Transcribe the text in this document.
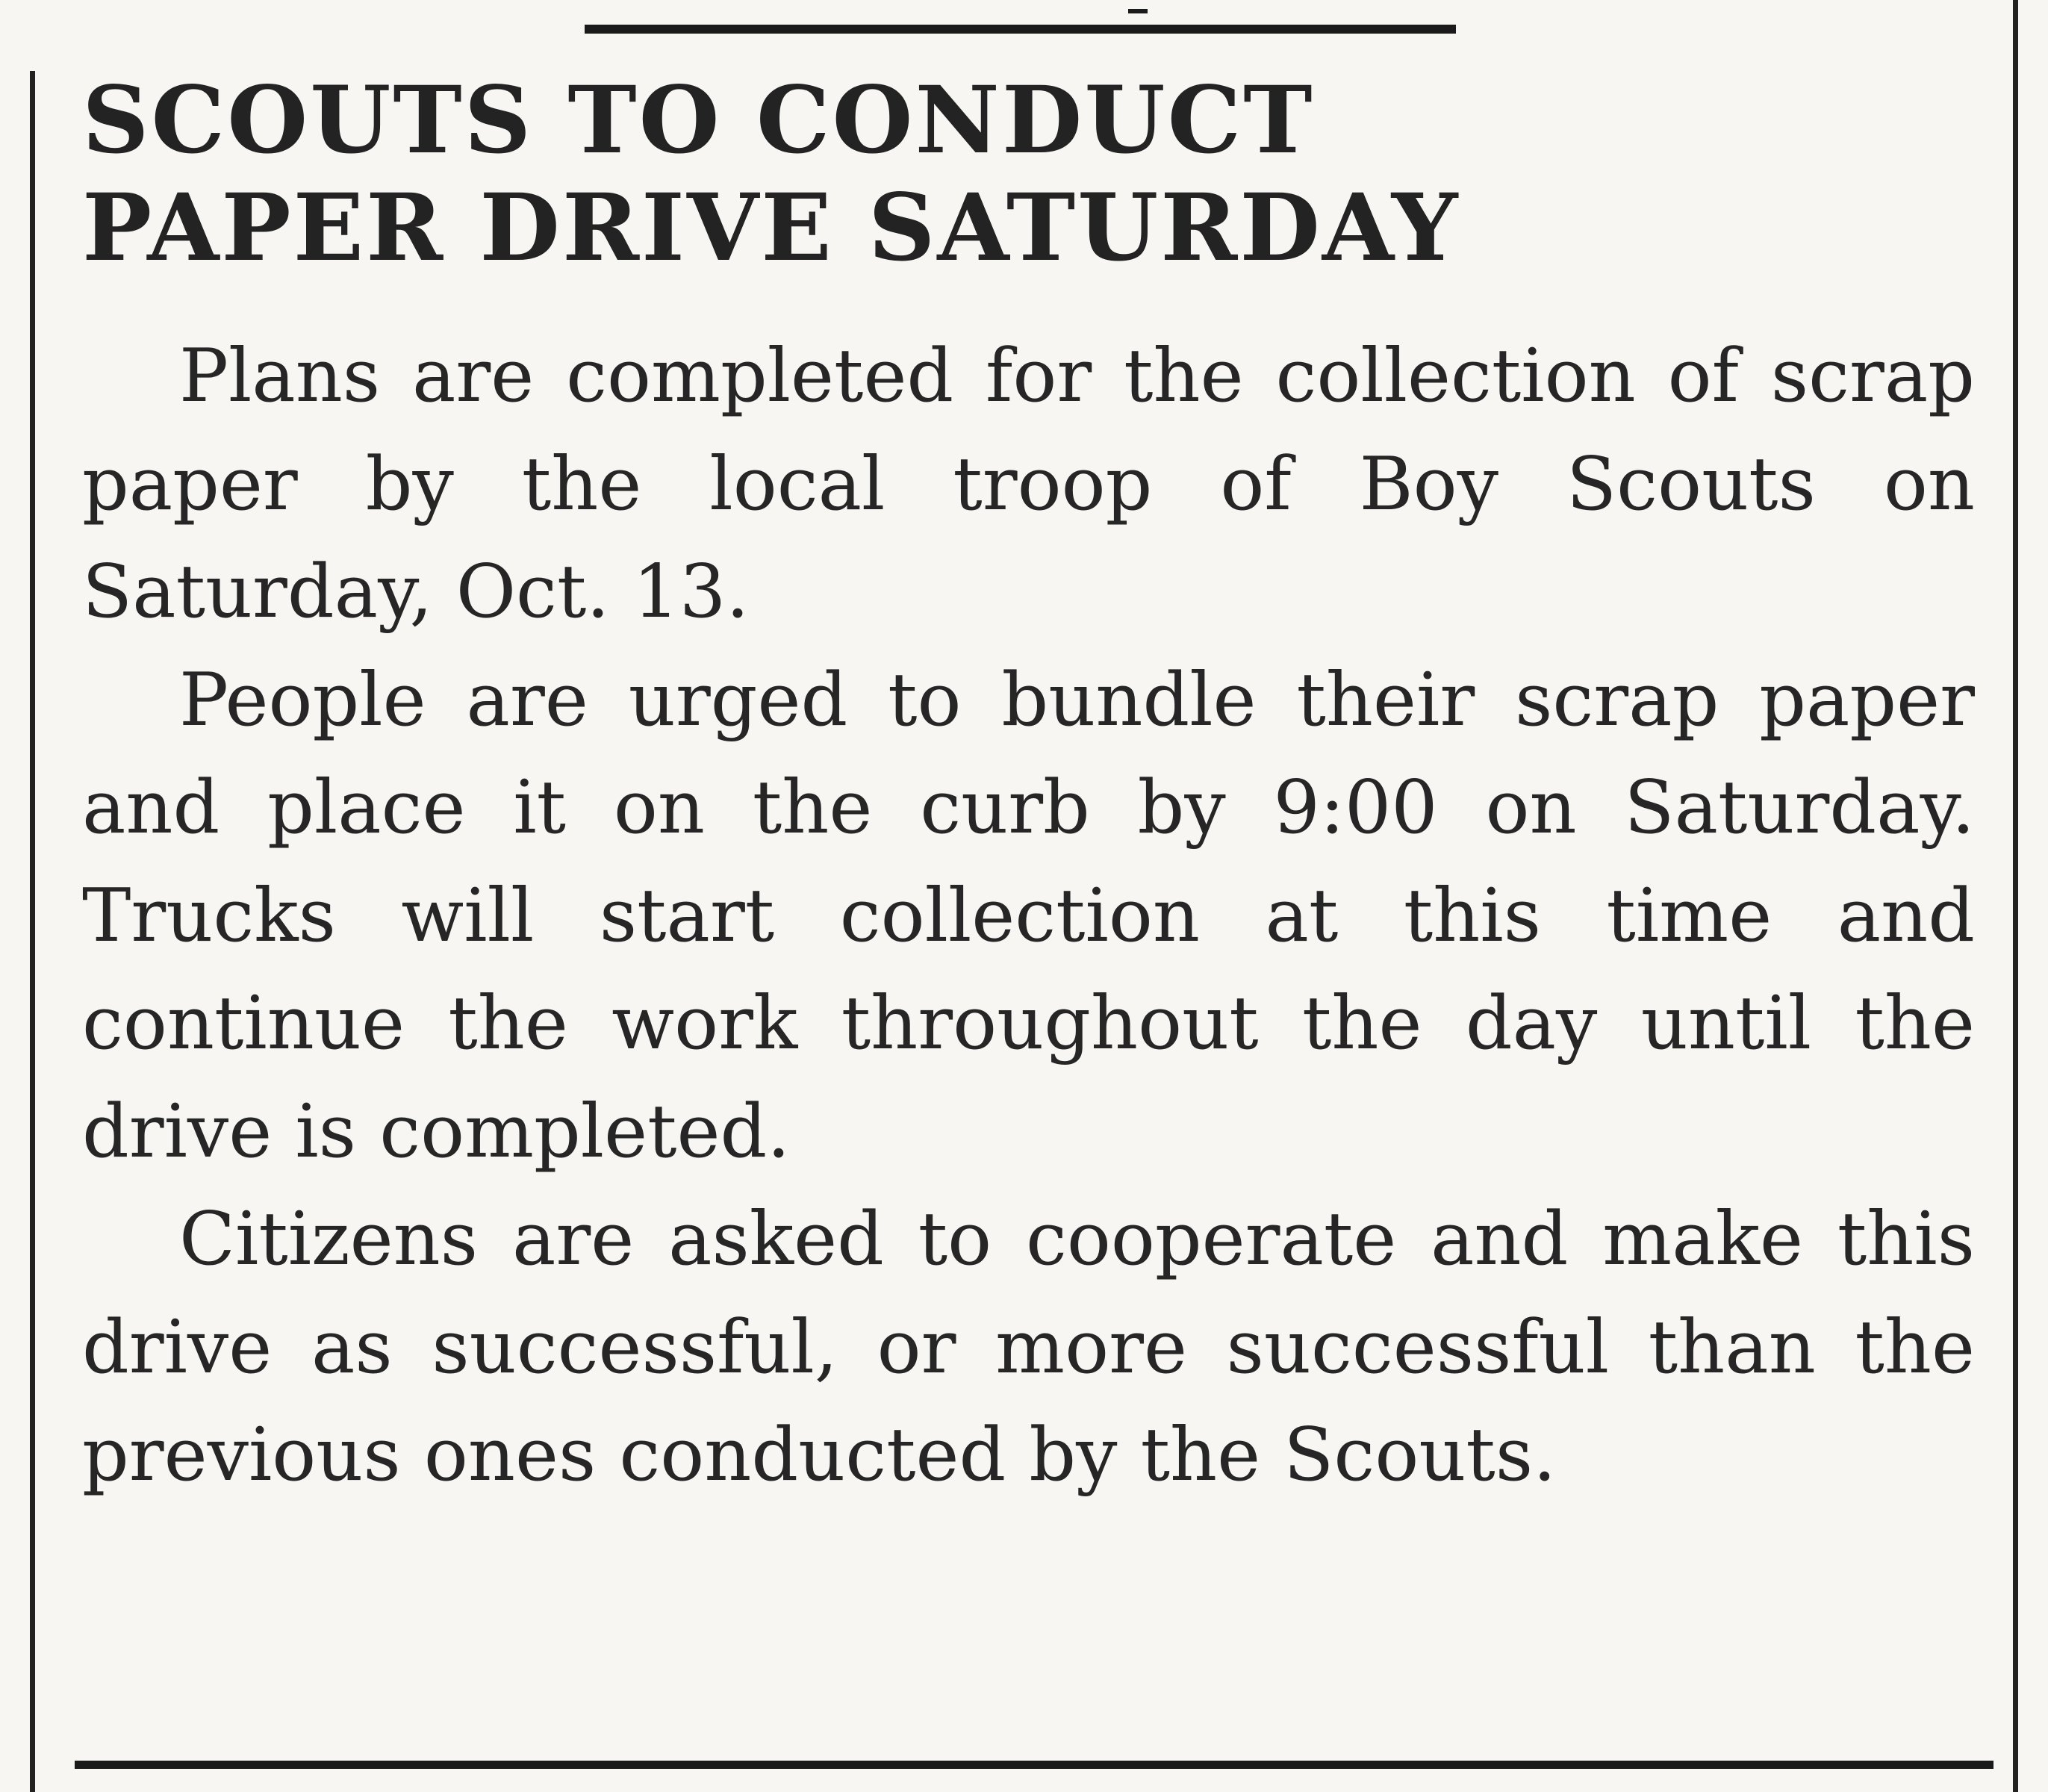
SCOUTS TO CONDUCT
PAPER DRIVE SATURDAY

Plans are completed for the collection of scrap paper by the local troop of Boy Scouts on Saturday, Oct. 13.

People are urged to bundle their scrap paper and place it on the curb by 9:00 on Saturday. Trucks will start collection at this time and continue the work throughout the day until the drive is completed.

Citizens are asked to cooperate and make this drive as successful, or more successful than the previous ones conducted by the Scouts.
